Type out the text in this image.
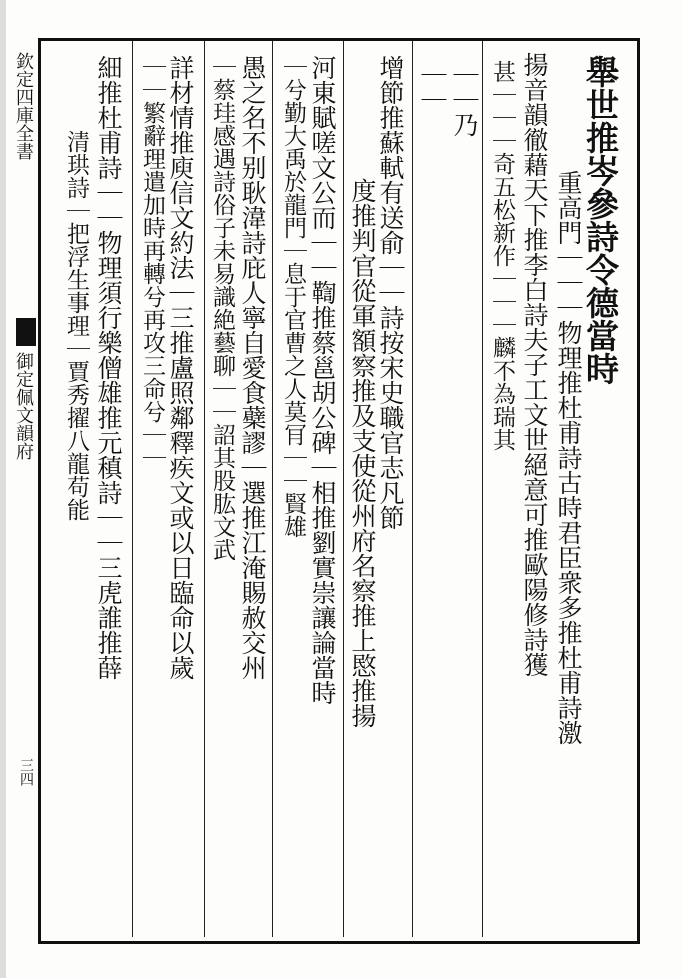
欽定四庫全書
御定佩文韻府
三四
舉世推岑參詩令德當時
重高門｜｜｜物理推杜甫詩古時君臣衆多推杜甫詩激
揚音韻徹藉天下推李白詩夫子工文世絕意可推歐陽修詩獲
甚｜｜｜奇五松新作｜｜｜麟不為瑞其
｜｜乃
｜｜
增節推蘇軾有送俞｜｜詩按宋史職官志凡節
度推判官從軍額察推及支使從州府名察推上愍推揚
河東賦嗟文公而｜｜鞫推蔡邕胡公碑｜相推劉實崇讓論當時
｜兮勤大禹於龍門｜息于官曹之人莫肎｜｜賢雄
愚之名不别耿湋詩庇人寧自愛食蘗謬｜選推江淹賜赦交州
｜蔡珪感遇詩俗子未易識絶藝聊｜｜詔其股肱文武
詳材情推庾信文約法｜三推盧照鄰釋疾文或以日臨命以歲
｜｜繁辭理遣加時再轉兮再攻三命兮｜｜
細推杜甫詩｜｜物理須行樂僧雄推元稹詩｜｜三虎誰推薛
清珙詩｜把浮生事理｜賈秀擢八龍苟能
